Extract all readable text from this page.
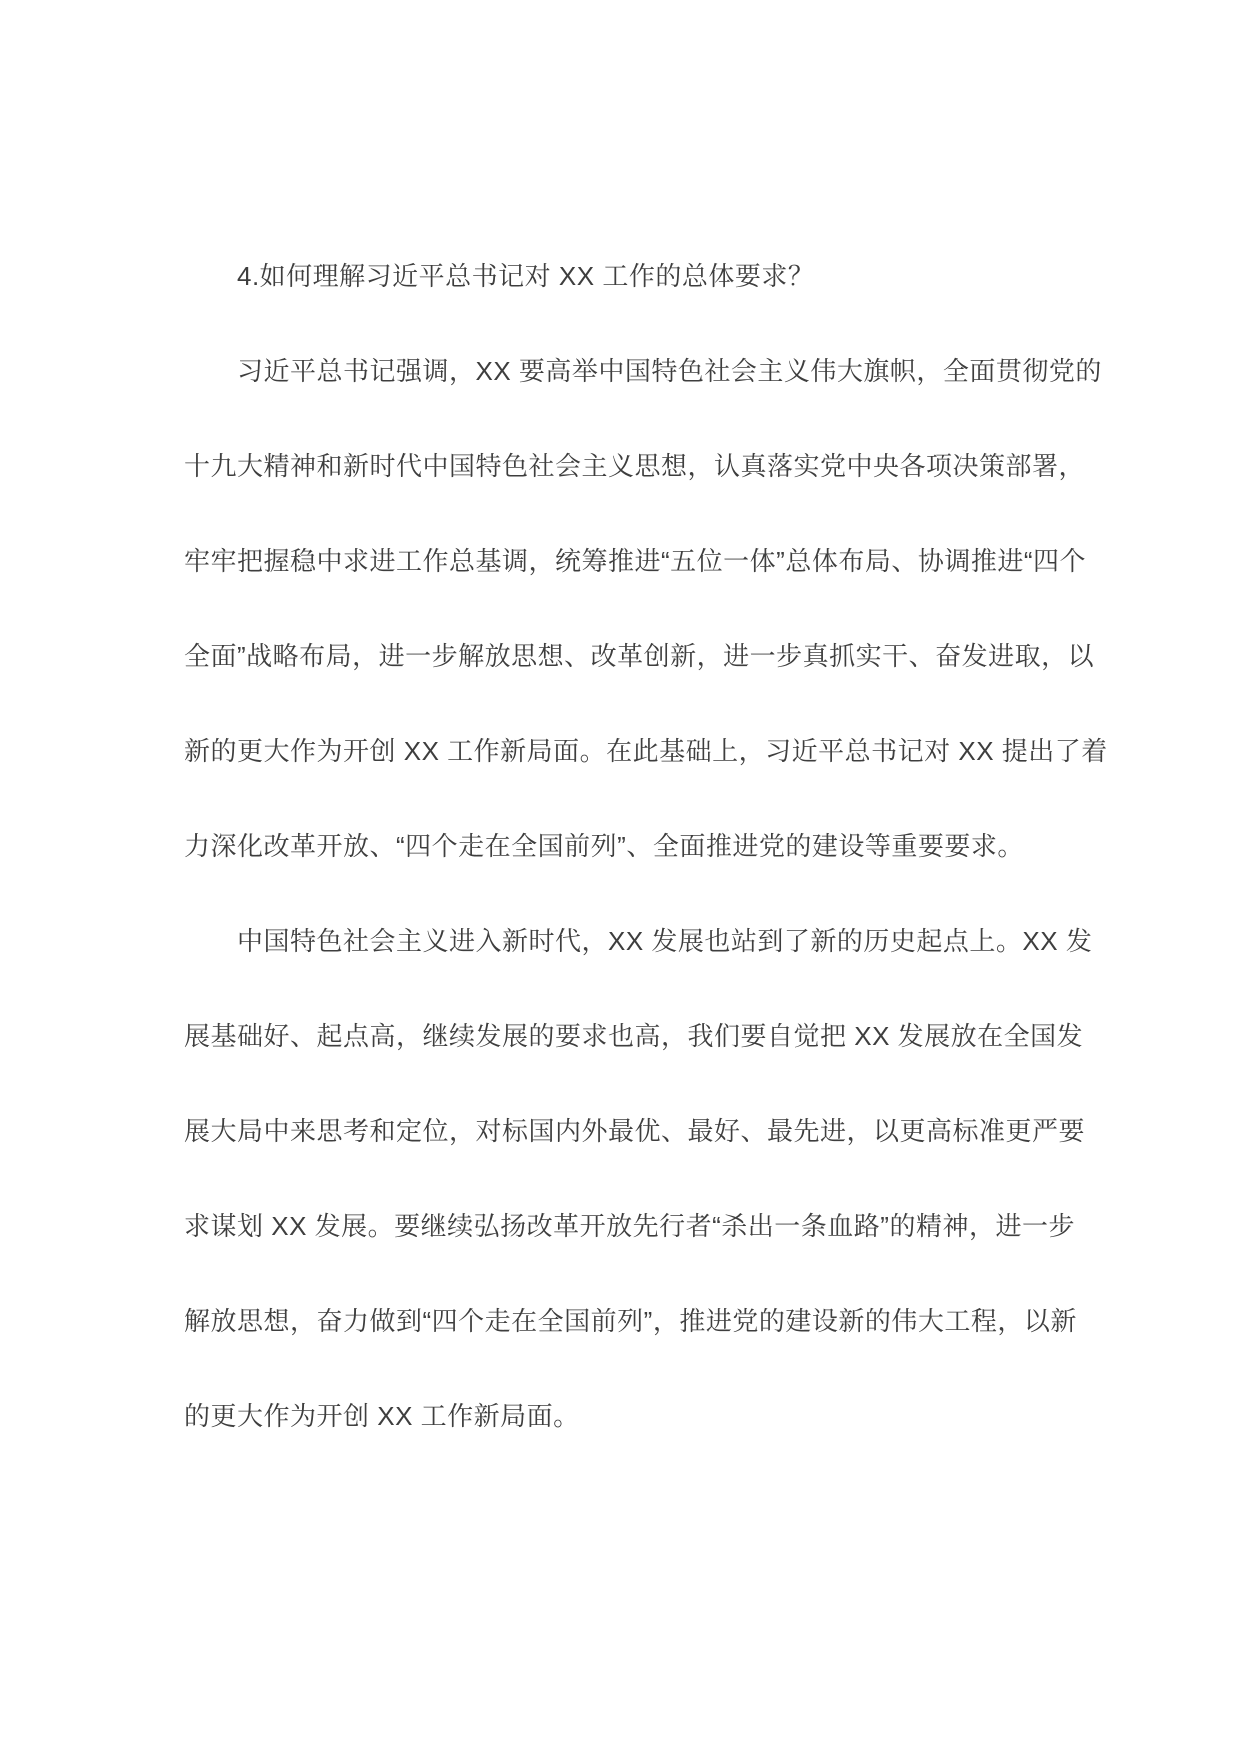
4.如何理解习近平总书记对 XX 工作的总体要求？
习近平总书记强调，XX 要高举中国特色社会主义伟大旗帜，全面贯彻党的
十九大精神和新时代中国特色社会主义思想，认真落实党中央各项决策部署，
牢牢把握稳中求进工作总基调，统筹推进“五位一体”总体布局、协调推进“四个
全面”战略布局，进一步解放思想、改革创新，进一步真抓实干、奋发进取，以
新的更大作为开创 XX 工作新局面。在此基础上，习近平总书记对 XX 提出了着
力深化改革开放、“四个走在全国前列”、全面推进党的建设等重要要求。
中国特色社会主义进入新时代，XX 发展也站到了新的历史起点上。XX 发
展基础好、起点高，继续发展的要求也高，我们要自觉把 XX 发展放在全国发
展大局中来思考和定位，对标国内外最优、最好、最先进，以更高标准更严要
求谋划 XX 发展。要继续弘扬改革开放先行者“杀出一条血路”的精神，进一步
解放思想，奋力做到“四个走在全国前列”，推进党的建设新的伟大工程，以新
的更大作为开创 XX 工作新局面。
